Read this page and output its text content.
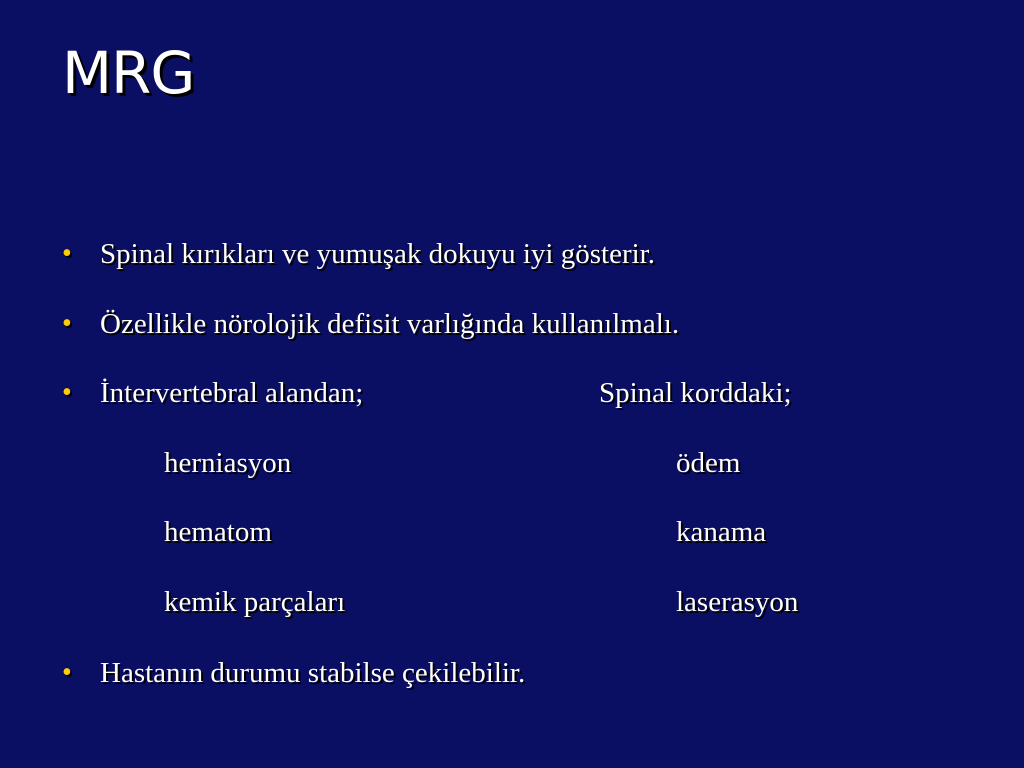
MRG
• Spinal kırıkları ve yumuşak dokuyu iyi gösterir.
• Özellikle nörolojik defisit varlığında kullanılmalı.
• İntervertebral alandan;	Spinal korddaki;
herniasyon	ödem
hematom	kanama
kemik parçaları	laserasyon
• Hastanın durumu stabilse çekilebilir.
